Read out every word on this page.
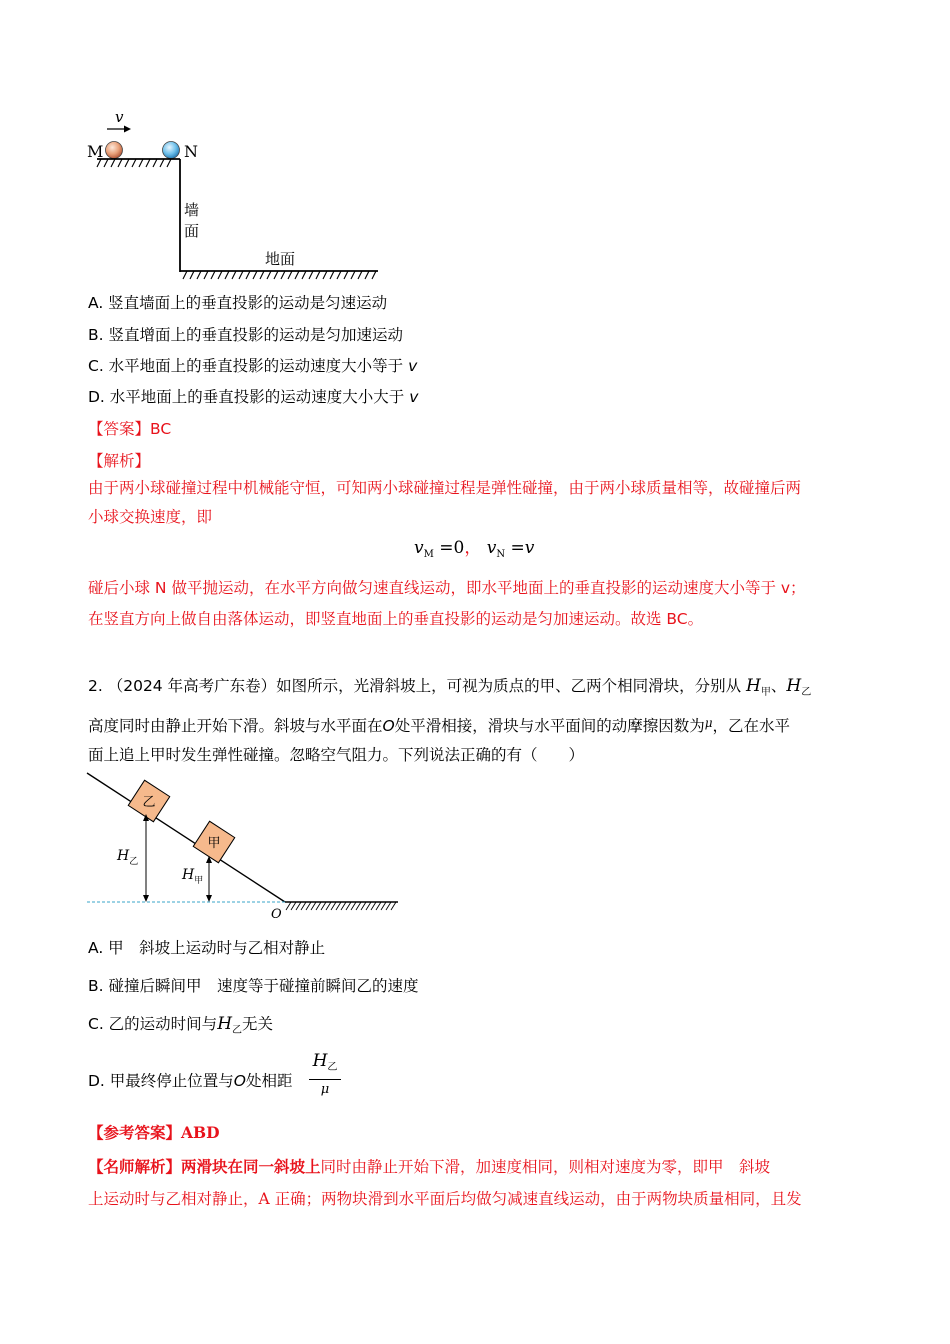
v
M	N
墙
面
地面
A. 竖直墙面上的垂直投影的运动是匀速运动
B. 竖直增面上的垂直投影的运动是匀加速运动
C. 水平地面上的垂直投影的运动速度大小等于 v
D. 水平地面上的垂直投影的运动速度大小大于 v
【答案】BC
【解析】
由于两小球碰撞过程中机械能守恒，可知两小球碰撞过程是弹性碰撞，由于两小球质量相等，故碰撞后两
小球交换速度，即
$v_M =0$， $v_N =v$
碰后小球 N 做平抛运动，在水平方向做匀速直线运动，即水平地面上的垂直投影的运动速度大小等于 v；
在竖直方向上做自由落体运动，即竖直地面上的垂直投影的运动是匀加速运动。故选 BC。
2. （2024 年高考广东卷）如图所示，光滑斜坡上，可视为质点的甲、乙两个相同滑块，分别从 $H_甲$、$H_乙$
高度同时由静止开始下滑。斜坡与水平面在O处平滑相接，滑块与水平面间的动摩擦因数为$^\mu$，乙在水平
面上追上甲时发生弹性碰撞。忽略空气阻力。下列说法正确的有（　　）
乙
甲
$H_乙$
$H_甲$
O
A. 甲　斜坡上运动时与乙相对静止
B. 碰撞后瞬间甲　速度等于碰撞前瞬间乙的速度
C. 乙的运动时间与$H_乙$无关
D. 甲最终停止位置与O处相距
$H_乙$
μ
【参考答案】ABD
【名师解析】两滑块在同一斜坡上同时由静止开始下滑，加速度相同，则相对速度为零，即甲　斜坡
上运动时与乙相对静止，A 正确；两物块滑到水平面后均做匀减速直线运动，由于两物块质量相同，且发
